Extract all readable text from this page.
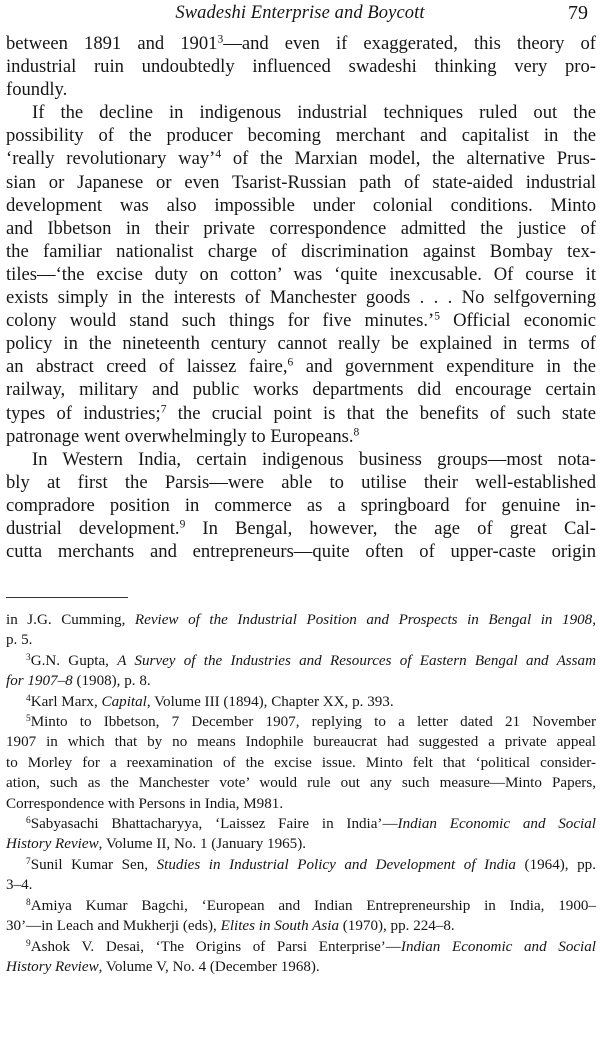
Swadeshi Enterprise and Boycott	79

between 1891 and 1901$^3$—and even if exaggerated, this theory of
industrial ruin undoubtedly influenced swadeshi thinking very pro-
foundly.

If the decline in indigenous industrial techniques ruled out the
possibility of the producer becoming merchant and capitalist in the
‘really revolutionary way’$^4$ of the Marxian model, the alternative Prus-
sian or Japanese or even Tsarist-Russian path of state-aided industrial
development was also impossible under colonial conditions. Minto
and Ibbetson in their private correspondence admitted the justice of
the familiar nationalist charge of discrimination against Bombay tex-
tiles—‘the excise duty on cotton’ was ‘quite inexcusable. Of course it
exists simply in the interests of Manchester goods . . . No selfgoverning
colony would stand such things for five minutes.’$^5$ Official economic
policy in the nineteenth century cannot really be explained in terms of
an abstract creed of laissez faire,$^6$ and government expenditure in the
railway, military and public works departments did encourage certain
types of industries;$^7$ the crucial point is that the benefits of such state
patronage went overwhelmingly to Europeans.$^8$

In Western India, certain indigenous business groups—most nota-
bly at first the Parsis—were able to utilise their well-established
compradore position in commerce as a springboard for genuine in-
dustrial development.$^9$ In Bengal, however, the age of great Cal-
cutta merchants and entrepreneurs—quite often of upper-caste origin

in J.G. Cumming, Review of the Industrial Position and Prospects in Bengal in 1908,
p. 5.
$^3$G.N. Gupta, A Survey of the Industries and Resources of Eastern Bengal and Assam
for 1907–8 (1908), p. 8.
$^4$Karl Marx, Capital, Volume III (1894), Chapter XX, p. 393.
$^5$Minto to Ibbetson, 7 December 1907, replying to a letter dated 21 November
1907 in which that by no means Indophile bureaucrat had suggested a private appeal
to Morley for a reexamination of the excise issue. Minto felt that ‘political consider-
ation, such as the Manchester vote’ would rule out any such measure—Minto Papers,
Correspondence with Persons in India, M981.
$^6$Sabyasachi Bhattacharyya, ‘Laissez Faire in India’—Indian Economic and Social
History Review, Volume II, No. 1 (January 1965).
$^7$Sunil Kumar Sen, Studies in Industrial Policy and Development of India (1964), pp.
3–4.
$^8$Amiya Kumar Bagchi, ‘European and Indian Entrepreneurship in India, 1900–
30’—in Leach and Mukherji (eds), Elites in South Asia (1970), pp. 224–8.
$^9$Ashok V. Desai, ‘The Origins of Parsi Enterprise’—Indian Economic and Social
History Review, Volume V, No. 4 (December 1968).
